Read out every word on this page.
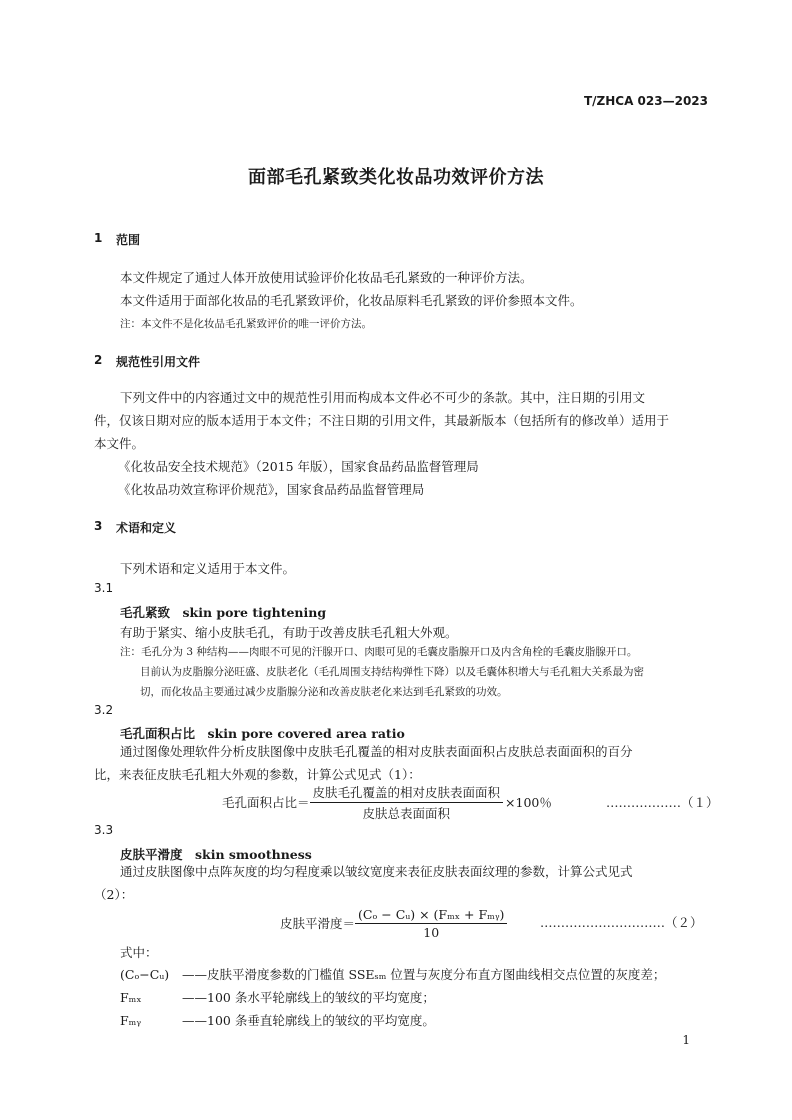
T/ZHCA 023—2023
面部毛孔紧致类化妆品功效评价方法
1 范围
本文件规定了通过人体开放使用试验评价化妆品毛孔紧致的一种评价方法。
本文件适用于面部化妆品的毛孔紧致评价，化妆品原料毛孔紧致的评价参照本文件。
注：本文件不是化妆品毛孔紧致评价的唯一评价方法。
2 规范性引用文件
下列文件中的内容通过文中的规范性引用而构成本文件必不可少的条款。其中，注日期的引用文
件，仅该日期对应的版本适用于本文件；不注日期的引用文件，其最新版本（包括所有的修改单）适用于
本文件。
《化妆品安全技术规范》（2015 年版），国家食品药品监督管理局
《化妆品功效宣称评价规范》，国家食品药品监督管理局
3 术语和定义
下列术语和定义适用于本文件。
3.1
毛孔紧致　skin pore tightening
有助于紧实、缩小皮肤毛孔，有助于改善皮肤毛孔粗大外观。
注：毛孔分为 3 种结构——肉眼不可见的汗腺开口、肉眼可见的毛囊皮脂腺开口及内含角栓的毛囊皮脂腺开口。
目前认为皮脂腺分泌旺盛、皮肤老化（毛孔周围支持结构弹性下降）以及毛囊体积增大与毛孔粗大关系最为密
切，而化妆品主要通过减少皮脂腺分泌和改善皮肤老化来达到毛孔紧致的功效。
3.2
毛孔面积占比　skin pore covered area ratio
通过图像处理软件分析皮肤图像中皮肤毛孔覆盖的相对皮肤表面面积占皮肤总表面面积的百分
比，来表征皮肤毛孔粗大外观的参数，计算公式见式（1）：
毛孔面积占比＝ $\frac{\text{皮肤毛孔覆盖的相对皮肤表面面积}}{\text{皮肤总表面面积}} \times 100$％	………………（１）
3.3
皮肤平滑度　skin smoothness
通过皮肤图像中点阵灰度的均匀程度乘以皱纹宽度来表征皮肤表面纹理的参数，计算公式见式
（2）：
皮肤平滑度＝ $\frac{\text{(Cₒ − Cᵤ) × (Fₘₓ + Fₘᵧ)}}{10}$	…………………………（２）
式中：
(Cₒ−Cᵤ) ——皮肤平滑度参数的门槛值 SSEₛₘ 位置与灰度分布直方图曲线相交点位置的灰度差；
Fₘₓ	——100 条水平轮廓线上的皱纹的平均宽度；
Fₘᵧ	——100 条垂直轮廓线上的皱纹的平均宽度。
1
